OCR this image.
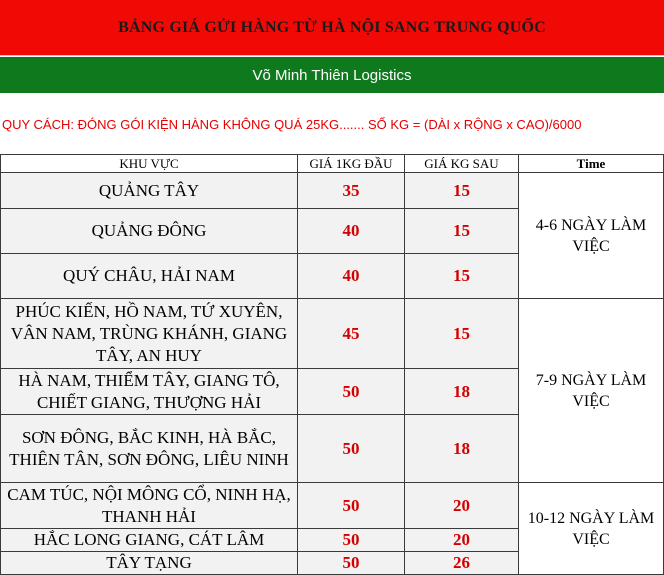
BẢNG GIÁ GỬI HÀNG TỪ HÀ NỘI SANG TRUNG QUỐC
Võ Minh Thiên Logistics
QUY CÁCH: ĐÓNG GÓI KIỆN HÀNG KHÔNG QUÁ 25KG....... SỐ KG = (DÀI x RỘNG x CAO)/6000
KHU VỰC	GIÁ 1KG ĐẦU	GIÁ KG SAU	Time
QUẢNG TÂY	35	15	4-6 NGÀY LÀM VIỆC
QUẢNG ĐÔNG	40	15	
QUÝ CHÂU, HẢI NAM	40	15	
PHÚC KIẾN, HỒ NAM, TỨ XUYÊN, VÂN NAM, TRÙNG KHÁNH, GIANG TÂY, AN HUY	45	15	7-9 NGÀY LÀM VIỆC
HÀ NAM, THIỂM TÂY, GIANG TÔ, CHIẾT GIANG, THƯỢNG HẢI	50	18	
SƠN ĐÔNG, BẮC KINH, HÀ BẮC, THIÊN TÂN, SƠN ĐÔNG, LIÊU NINH	50	18	
CAM TÚC, NỘI MÔNG CỔ, NINH HẠ, THANH HẢI	50	20	10-12 NGÀY LÀM VIỆC
HẮC LONG GIANG, CÁT LÂM	50	20	
TÂY TẠNG	50	26	
